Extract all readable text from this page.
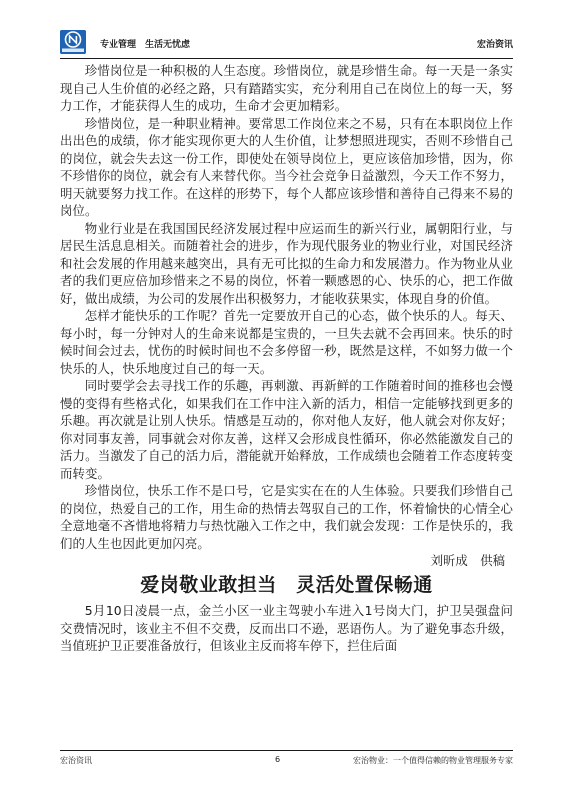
专业管理　生活无忧虑	宏治资讯

珍惜岗位是一种积极的人生态度。珍惜岗位，就是珍惜生命。每一天是一条实现自己人生价值的必经之路，只有踏踏实实，充分利用自己在岗位上的每一天，努力工作，才能获得人生的成功，生命才会更加精彩。

珍惜岗位，是一种职业精神。要常思工作岗位来之不易，只有在本职岗位上作出出色的成绩，你才能实现你更大的人生价值，让梦想照进现实，否则不珍惜自己的岗位，就会失去这一份工作，即使处在领导岗位上，更应该倍加珍惜，因为，你不珍惜你的岗位，就会有人来替代你。当今社会竞争日益激烈，今天工作不努力，明天就要努力找工作。在这样的形势下，每个人都应该珍惜和善待自己得来不易的岗位。

物业行业是在我国国民经济发展过程中应运而生的新兴行业，属朝阳行业，与居民生活息息相关。而随着社会的进步，作为现代服务业的物业行业，对国民经济和社会发展的作用越来越突出，具有无可比拟的生命力和发展潜力。作为物业从业者的我们更应倍加珍惜来之不易的岗位，怀着一颗感恩的心、快乐的心，把工作做好，做出成绩，为公司的发展作出积极努力，才能收获果实，体现自身的价值。

怎样才能快乐的工作呢？首先一定要放开自己的心态，做个快乐的人。每天、每小时，每一分钟对人的生命来说都是宝贵的，一旦失去就不会再回来。快乐的时候时间会过去，忧伤的时候时间也不会多停留一秒，既然是这样，不如努力做一个快乐的人，快乐地度过自己的每一天。

同时要学会去寻找工作的乐趣，再刺激、再新鲜的工作随着时间的推移也会慢慢的变得有些格式化，如果我们在工作中注入新的活力，相信一定能够找到更多的乐趣。再次就是让别人快乐。情感是互动的，你对他人友好，他人就会对你友好；你对同事友善，同事就会对你友善，这样又会形成良性循环，你必然能激发自己的活力。当激发了自己的活力后，潜能就开始释放，工作成绩也会随着工作态度转变而转变。

珍惜岗位，快乐工作不是口号，它是实实在在的人生体验。只要我们珍惜自己的岗位，热爱自己的工作，用生命的热情去驾驭自己的工作，怀着愉快的心情全心全意地毫不吝惜地将精力与热忱融入工作之中，我们就会发现：工作是快乐的，我们的人生也因此更加闪亮。

刘昕成　供稿

爱岗敬业敢担当　灵活处置保畅通

5月10日凌晨一点，金兰小区一业主驾驶小车进入1号岗大门，护卫吴强盘问交费情况时，该业主不但不交费，反而出口不逊，恶语伤人。为了避免事态升级，当值班护卫正要准备放行，但该业主反而将车停下，拦住后面

宏治资讯	6	宏治物业：一个值得信赖的物业管理服务专家
